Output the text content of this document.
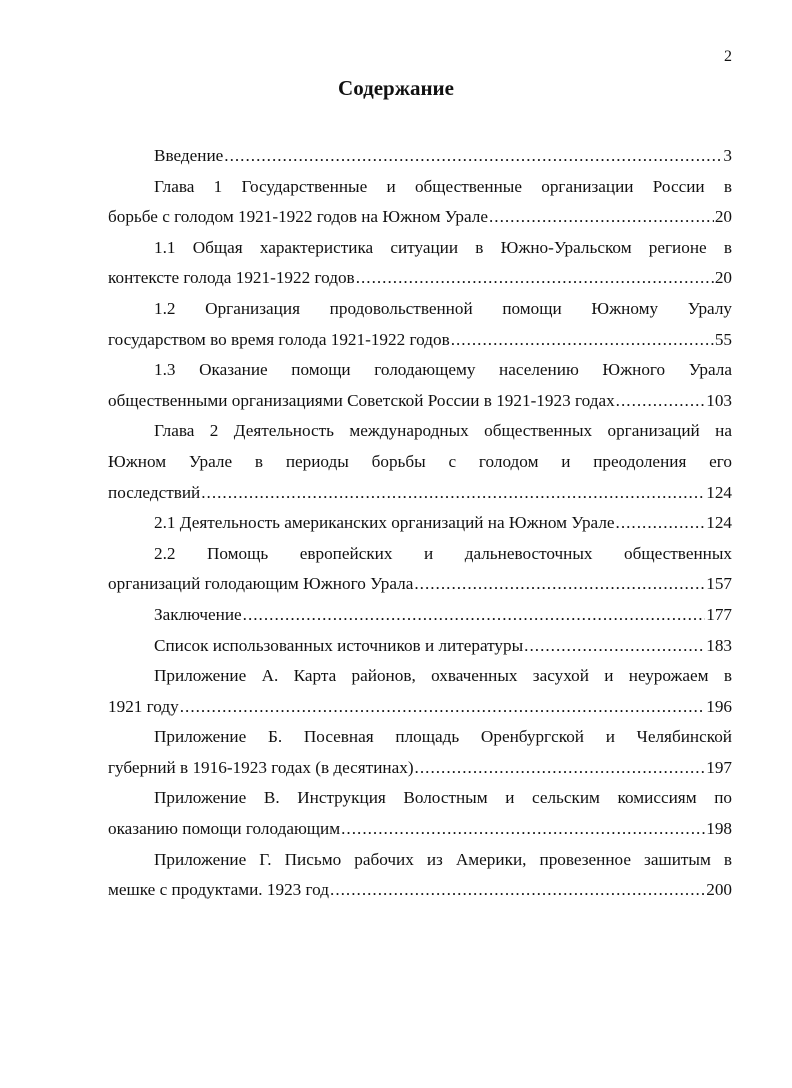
2
Содержание
Введение .....	3

Глава 1 Государственные и общественные организации России в

борьбе с голодом 1921-1922 годов на Южном Урале .....	20

1.1 Общая характеристика ситуации в Южно-Уральском регионе в

контексте голода 1921-1922 годов .....	20

1.2 Организация продовольственной помощи Южному Уралу

государством во время голода 1921-1922 годов .....	55

1.3 Оказание помощи голодающему населению Южного Урала

общественными организациями Советской России в 1921-1923 годах .....	103

Глава 2 Деятельность международных общественных организаций на

Южном Урале в периоды борьбы с голодом и преодоления его

последствий .....	124

2.1 Деятельность американских организаций на Южном Урале .....	124

2.2 Помощь европейских и дальневосточных общественных

организаций голодающим Южного Урала .....	157

Заключение .....	177
Список использованных источников и литературы .....	183

Приложение А. Карта районов, охваченных засухой и неурожаем в

1921 году .....	196

Приложение Б. Посевная площадь Оренбургской и Челябинской

губерний в 1916-1923 годах (в десятинах) .....	197

Приложение В. Инструкция Волостным и сельским комиссиям по

оказанию помощи голодающим .....	198

Приложение Г. Письмо рабочих из Америки, провезенное зашитым в

мешке с продуктами. 1923 год .....	200
